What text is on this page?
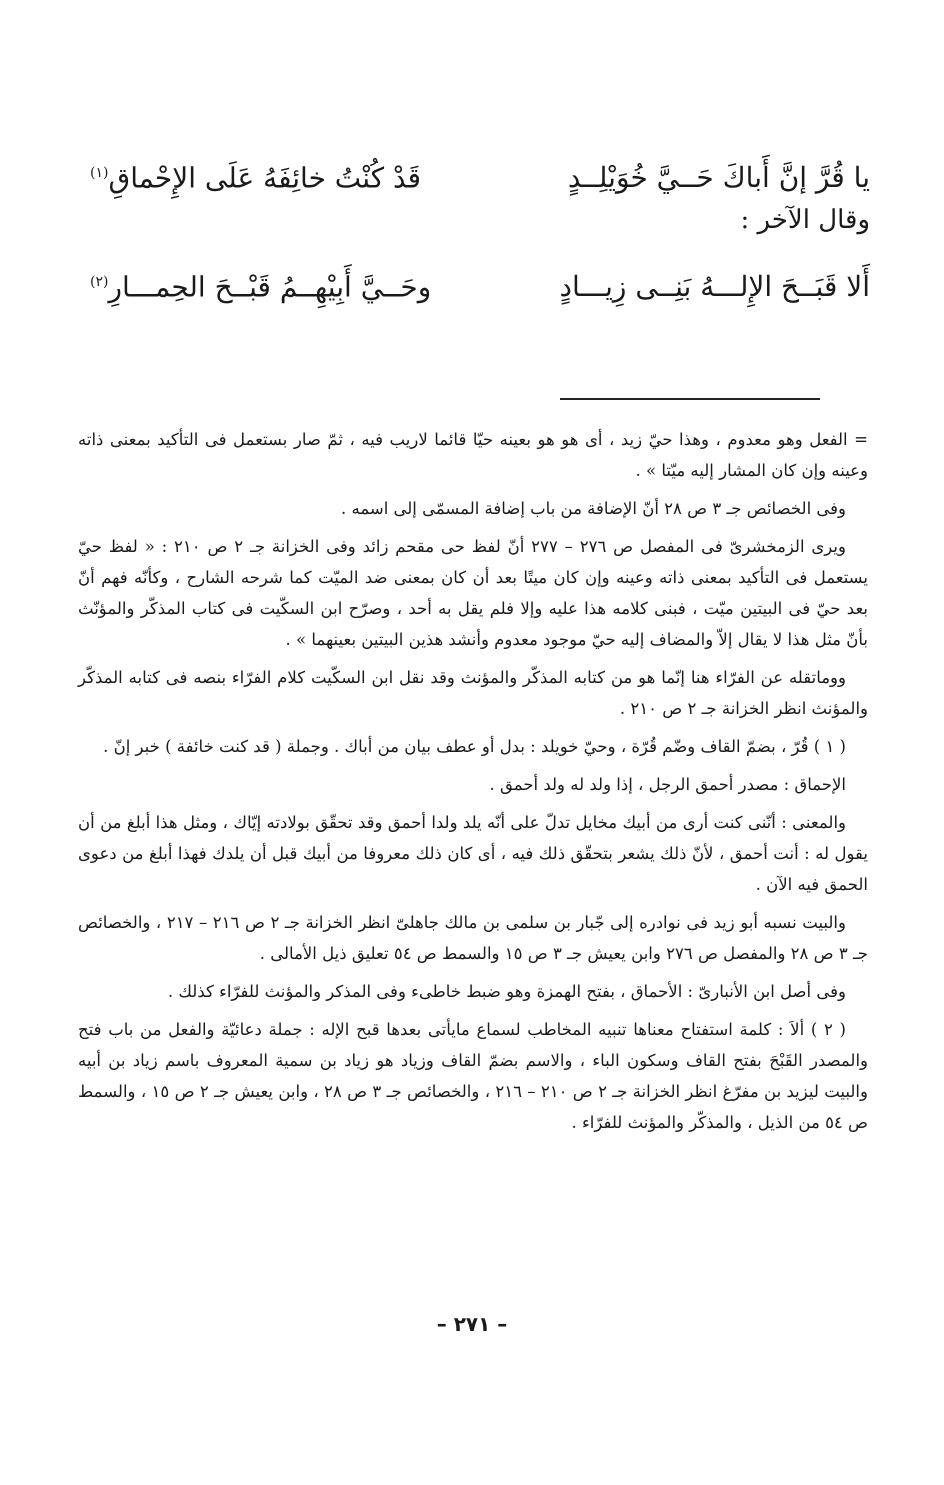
يا قُرَّ إنَّ أَباكَ حَــيَّ خُوَيْلِــدٍ
قَدْ كُنْتُ خائِفَهُ عَلَى الإِحْماقِ$^{(١)}$
أَلا قَبَــحَ الإِلـــهُ بَنِــى زِيـــادٍ
وحَــيَّ أَبِيْهِــمُ قَبْــحَ الحِمـــارِ$^{(٢)}$
وقال الآخر :

= الفعل وهو معدوم ، وهذا حيّ زيد ، أى هو هو بعينه حيّا قائما لاريب فيه ، ثمّ صار بستعمل فى التأكيد بمعنى ذاته وعينه وإن كان المشار إليه ميّتا » .

وفى الخصائص جـ ٣ ص ٢٨ أنّ الإضافة من باب إضافة المسمّى إلى اسمه .

ويرى الزمخشرىّ فى المفصل ص ٢٧٦ – ٢٧٧ أنّ لفظ حى مقحم زائد وفى الخزانة جـ ٢ ص ٢١٠ : « لفظ حيّ يستعمل فى التأكيد بمعنى ذاته وعينه وإن كان ميتًا بعد أن كان بمعنى ضد الميّت كما شرحه الشارح ، وكأنّه فهم أنّ بعد حيّ فى البيتين ميّت ، فبنى كلامه هذا عليه وإلا فلم يقل به أحد ، وصرّح ابن السكّيت فى كتاب المذكّر والمؤنّث بأنّ مثل هذا لا يقال إلاّ والمضاف إليه حيّ موجود معدوم وأنشد هذين البيتين بعينهما » .

ووماتقله عن الفرّاء هنا إنّما هو من كتابه المذكّر والمؤنث وقد نقل ابن السكّيت كلام الفرّاء بنصه فى كتابه المذكّر والمؤنث انظر الخزانة جـ ٢ ص ٢١٠ .

( ١ ) قُرّ ، بضمّ القاف وضّم قُرّة ، وحيّ خويلد : بدل أو عطف بيان من أباك . وجملة ( قد كنت خائفة ) خبر إنّ .

الإحماق : مصدر أحمق الرجل ، إذا ولد له ولد أحمق .

والمعنى : أنّنى كنت أرى من أبيك مخايل تدلّ على أنّه يلد ولدا أحمق وقد تحقّق بولادته إيّاك ، ومثل هذا أبلغ من أن يقول له : أنت أحمق ، لأنّ ذلك يشعر بتحقّق ذلك فيه ، أى كان ذلك معروفا من أبيك قبل أن يلدك فهذا أبلغ من دعوى الحمق فيه الآن .

والبيت نسبه أبو زيد فى نوادره إلى جّبار بن سلمى بن مالك جاهلىّ انظر الخزانة جـ ٢ ص ٢١٦ – ٢١٧ ، والخصائص جـ ٣ ص ٢٨ والمفصل ص ٢٧٦ وابن يعيش جـ ٣ ص ١٥ والسمط ص ٥٤ تعليق ذيل الأمالى .

وفى أصل ابن الأنبارىّ : الأحماق ، بفتح الهمزة وهو ضبط خاطىء وفى المذكر والمؤنث للفرّاء كذلك .

( ٢ ) ألاَ : كلمة استفتاح معناها تنبيه المخاطب لسماع مايأتى بعدها قبح الإله : جملة دعائيّة والفعل من باب فتح والمصدر القَبْحَ بفتح القاف وسكون الباء ، والاسم بضمّ القاف وزياد هو زياد بن سمية المعروف باسم زياد بن أبيه والبيت ليزيد بن مفرّغ انظر الخزانة جـ ٢ ص ٢١٠ – ٢١٦ ، والخصائص جـ ٣ ص ٢٨ ، وابن يعيش جـ ٢ ص ١٥ ، والسمط ص ٥٤ من الذيل ، والمذكّر والمؤنث للفرّاء .

– ٢٧١ –
